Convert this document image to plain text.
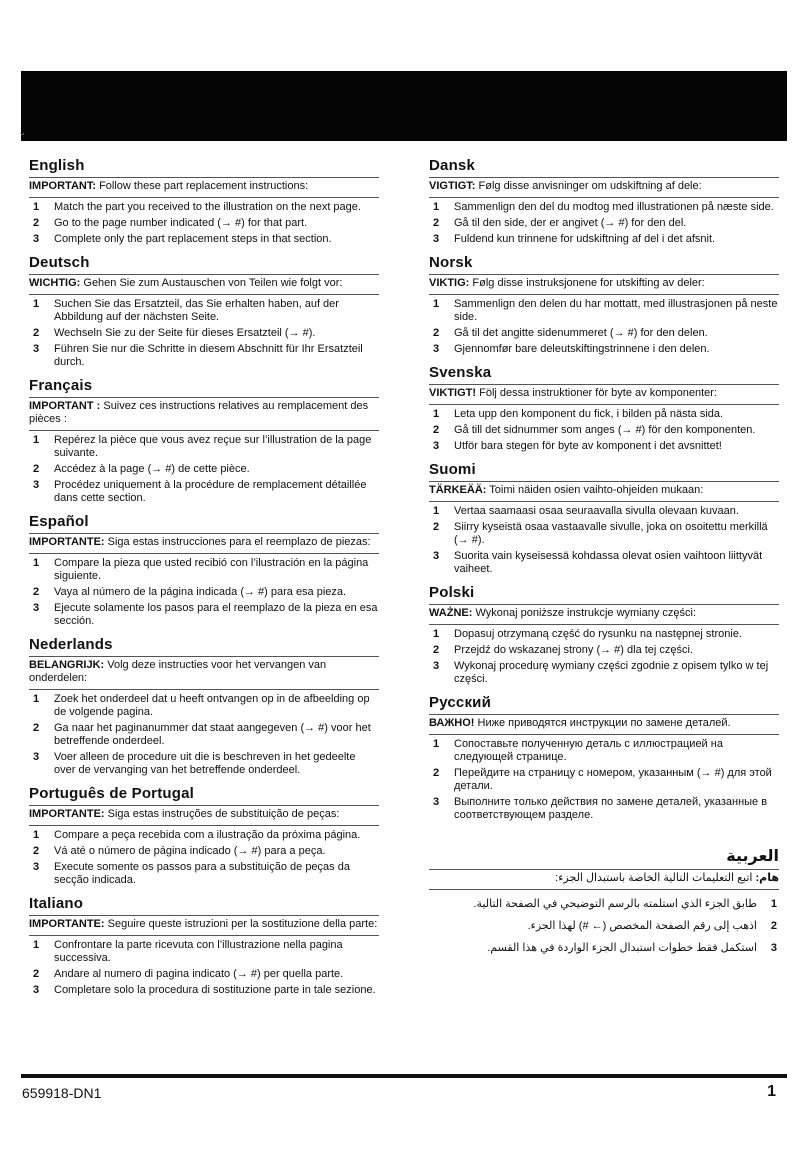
ᴗ
English
IMPORTANT: Follow these part replacement instructions:
1 Match the part you received to the illustration on the next page.
2 Go to the page number indicated (→ #) for that part.
3 Complete only the part replacement steps in that section.
Deutsch
WICHTIG: Gehen Sie zum Austauschen von Teilen wie folgt vor:
1 Suchen Sie das Ersatzteil, das Sie erhalten haben, auf der Abbildung auf der nächsten Seite.
2 Wechseln Sie zu der Seite für dieses Ersatzteil (→ #).
3 Führen Sie nur die Schritte in diesem Abschnitt für Ihr Ersatzteil durch.
Français
IMPORTANT : Suivez ces instructions relatives au remplacement des pièces :
1 Repérez la pièce que vous avez reçue sur l’illustration de la page suivante.
2 Accédez à la page (→ #) de cette pièce.
3 Procédez uniquement à la procédure de remplacement détaillée dans cette section.
Español
IMPORTANTE: Siga estas instrucciones para el reemplazo de piezas:
1 Compare la pieza que usted recibió con l’ilustración en la página siguiente.
2 Vaya al número de la página indicada (→ #) para esa pieza.
3 Ejecute solamente los pasos para el reemplazo de la pieza en esa sección.
Nederlands
BELANGRIJK: Volg deze instructies voor het vervangen van onderdelen:
1 Zoek het onderdeel dat u heeft ontvangen op in de afbeelding op de volgende pagina.
2 Ga naar het paginanummer dat staat aangegeven (→ #) voor het betreffende onderdeel.
3 Voer alleen de procedure uit die is beschreven in het gedeelte over de vervanging van het betreffende onderdeel.
Português de Portugal
IMPORTANTE: Siga estas instruções de substituição de peças:
1 Compare a peça recebida com a ilustração da próxima página.
2 Vá até o número de página indicado (→ #) para a peça.
3 Execute somente os passos para a substituição de peças da secção indicada.
Italiano
IMPORTANTE: Seguire queste istruzioni per la sostituzione della parte:
1 Confrontare la parte ricevuta con l’illustrazione nella pagina successiva.
2 Andare al numero di pagina indicato (→ #) per quella parte.
3 Completare solo la procedura di sostituzione parte in tale sezione.
Dansk
VIGTIGT: Følg disse anvisninger om udskiftning af dele:
1 Sammenlign den del du modtog med illustrationen på næste side.
2 Gå til den side, der er angivet (→ #) for den del.
3 Fuldend kun trinnene for udskiftning af del i det afsnit.
Norsk
VIKTIG: Følg disse instruksjonene for utskifting av deler:
1 Sammenlign den delen du har mottatt, med illustrasjonen på neste side.
2 Gå til det angitte sidenummeret (→ #) for den delen.
3 Gjennomfør bare deleutskiftingstrinnene i den delen.
Svenska
VIKTIGT! Följ dessa instruktioner för byte av komponenter:
1 Leta upp den komponent du fick, i bilden på nästa sida.
2 Gå till det sidnummer som anges (→ #) för den komponenten.
3 Utför bara stegen för byte av komponent i det avsnittet!
Suomi
TÄRKEÄÄ: Toimi näiden osien vaihto-ohjeiden mukaan:
1 Vertaa saamaasi osaa seuraavalla sivulla olevaan kuvaan.
2 Siirry kyseistä osaa vastaavalle sivulle, joka on osoitettu merkillä (→ #).
3 Suorita vain kyseisessä kohdassa olevat osien vaihtoon liittyvät vaiheet.
Polski
WAŻNE: Wykonaj poniższe instrukcje wymiany części:
1 Dopasuj otrzymaną część do rysunku na następnej stronie.
2 Przejdź do wskazanej strony (→ #) dla tej części.
3 Wykonaj procedurę wymiany części zgodnie z opisem tylko w tej części.
Русский
ВАЖНО! Ниже приводятся инструкции по замене деталей.
1 Сопоставьте полученную деталь с иллюстрацией на следующей странице.
2 Перейдите на страницу с номером, указанным (→ #) для этой детали.
3 Выполните только действия по замене деталей, указанные в соответствующем разделе.
العربية
هام: اتبع التعليمات التالية الخاصة باستبدال الجزء:
1
طابق الجزء الذي استلمته بالرسم التوضيحي في الصفحة التالية.
2
اذهب إلى رقم الصفحة المخصص (← #) لهذا الجزء.
3
استكمل فقط خطوات استبدال الجزء الواردة في هذا القسم.
659918-DN1	1
